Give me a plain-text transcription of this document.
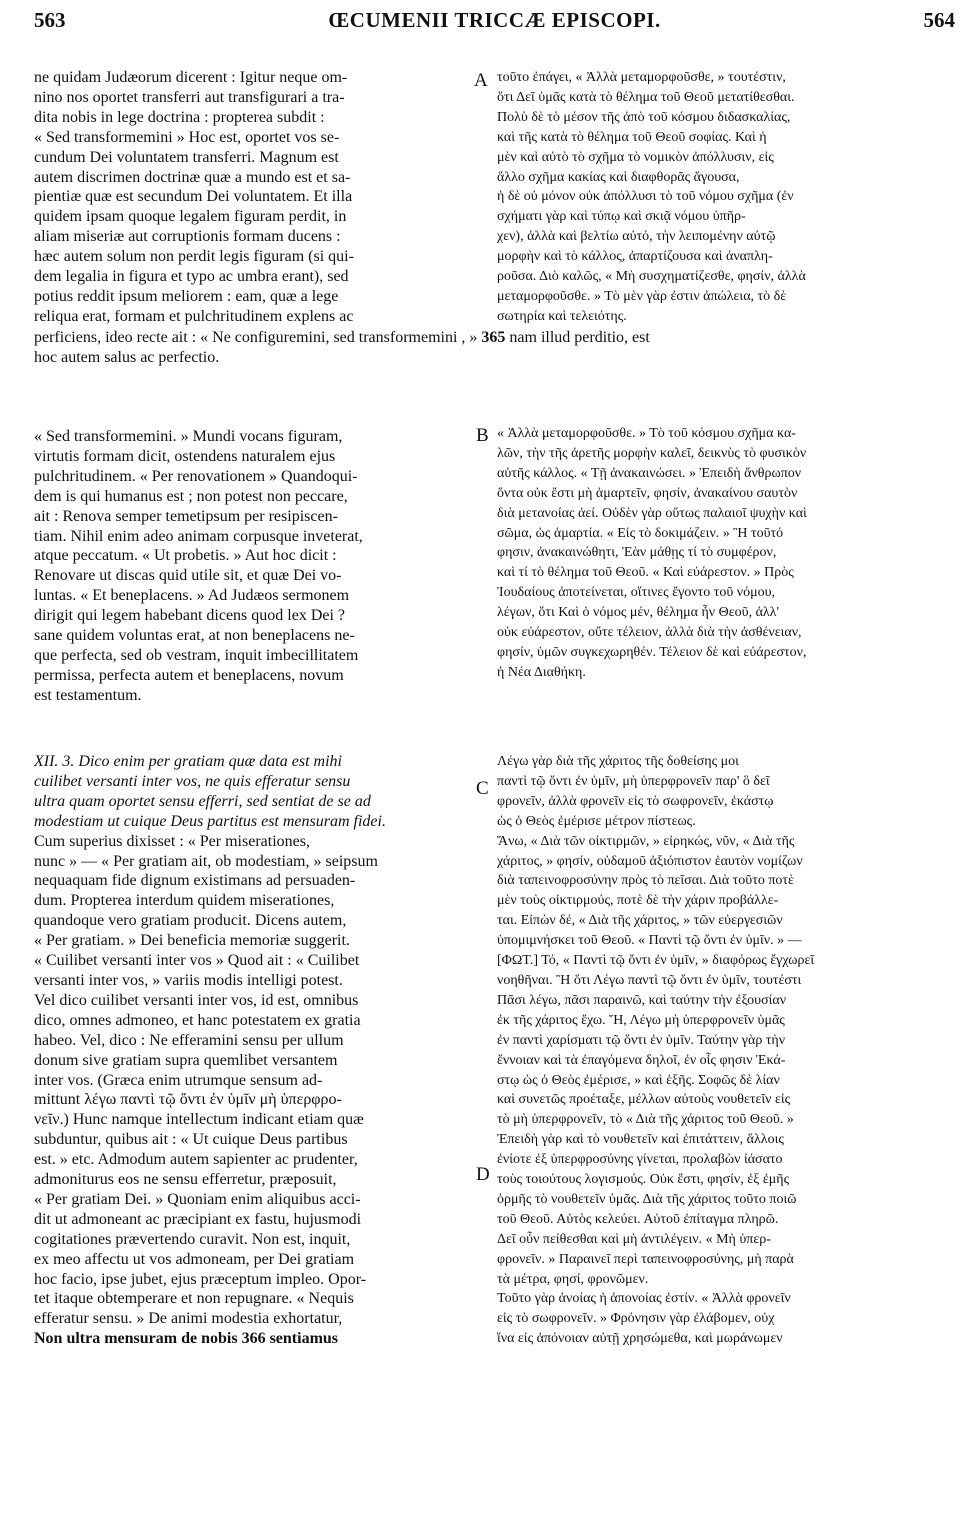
563	ŒCUMENII TRICCÆ EPISCOPI.	564
A
B
C
D
ne quidam Judæorum dicerent : Igitur neque om-
nino nos oportet transferri aut transfigurari a tra-
dita nobis in lege doctrina : propterea subdit :
« Sed transformemini » Hoc est, oportet vos se-
cundum Dei voluntatem transferri. Magnum est
autem discrimen doctrinæ quæ a mundo est et sa-
pientiæ quæ est secundum Dei voluntatem. Et illa
quidem ipsam quoque legalem figuram perdit, in
aliam miseriæ aut corruptionis formam ducens :
hæc autem solum non perdit legis figuram (si qui-
dem legalia in figura et typo ac umbra erant), sed
potius reddit ipsum meliorem : eam, quæ a lege
reliqua erat, formam et pulchritudinem explens ac
τοῦτο ἐπάγει, « Ἀλλὰ μεταμορφοῦσθε, » τουτέστιν,
ὅτι Δεῖ ὑμᾶς κατὰ τὸ θέλημα τοῦ Θεοῦ μετατίθεσθαι.
Πολὺ δὲ τὸ μέσον τῆς ἀπὸ τοῦ κόσμου διδασκαλίας,
καὶ τῆς κατὰ τὸ θέλημα τοῦ Θεοῦ σοφίας. Καὶ ἡ
μὲν καὶ αὐτὸ τὸ σχῆμα τὸ νομικὸν ἀπόλλυσιν, εἰς
ἄλλο σχῆμα κακίας καὶ διαφθορᾶς ἄγουσα,
ἡ δὲ οὐ μόνον οὐκ ἀπόλλυσι τὸ τοῦ νόμου σχῆμα (ἐν
σχήματι γὰρ καὶ τύπῳ καὶ σκιᾷ νόμου ὑπῆρ-
χεν), ἀλλὰ καὶ βελτίω αὐτό, τὴν λειπομένην αὐτῷ
μορφὴν καὶ τὸ κάλλος, ἀπαρτίζουσα καὶ ἀναπλη-
ροῦσα. Διὸ καλῶς, « Μὴ συσχηματίζεσθε, φησίν, ἀλλὰ
μεταμορφοῦσθε. » Τὸ μὲν γὰρ ἐστιν ἀπώλεια, τὸ δὲ
σωτηρία καὶ τελειότης.
perficiens, ideo recte ait : « Ne configuremini, sed transformemini , » 365 nam illud perditio, est
hoc autem salus ac perfectio.
« Sed transformemini. » Mundi vocans figuram,
virtutis formam dicit, ostendens naturalem ejus
pulchritudinem. « Per renovationem » Quandoqui-
dem is qui humanus est ; non potest non peccare,
ait : Renova semper temetipsum per resipiscen-
tiam. Nihil enim adeo animam corpusque inveterat,
atque peccatum. « Ut probetis. » Aut hoc dicit :
Renovare ut discas quid utile sit, et quæ Dei vo-
luntas. « Et beneplacens. » Ad Judæos sermonem
dirigit qui legem habebant dicens quod lex Dei ?
sane quidem voluntas erat, at non beneplacens ne-
que perfecta, sed ob vestram, inquit imbecillitatem
permissa, perfecta autem et beneplacens, novum
est testamentum.
« Ἀλλὰ μεταμορφοῦσθε. » Τὸ τοῦ κόσμου σχῆμα κα-
λῶν, τὴν τῆς ἀρετῆς μορφὴν καλεῖ, δεικνὺς τὸ φυσικὸν
αὐτῆς κάλλος. « Τῇ ἀνακαινώσει. » Ἐπειδὴ ἄνθρωπον
ὄντα οὐκ ἔστι μὴ ἁμαρτεῖν, φησίν, ἀνακαίνου σαυτὸν
διὰ μετανοίας ἀεί. Οὐδὲν γὰρ οὕτως παλαιοῖ ψυχὴν καὶ
σῶμα, ὡς ἁμαρτία. « Εἰς τὸ δοκιμάζειν. » Ἢ τοῦτό
φησιν, ἀνακαινώθητι, Ἐὰν μάθῃς τί τὸ συμφέρον,
καὶ τί τὸ θέλημα τοῦ Θεοῦ. « Καὶ εὐάρεστον. » Πρὸς
Ἰουδαίους ἀποτείνεται, οἵτινες ἔγοντο τοῦ νόμου,
λέγων, ὅτι Καὶ ὁ νόμος μέν, θέλημα ἦν Θεοῦ, ἀλλ'
οὐκ εὐάρεστον, οὔτε τέλειον, ἀλλὰ διὰ τὴν ἀσθένειαν,
φησίν, ὑμῶν συγκεχωρηθέν. Τέλειον δὲ καὶ εὐάρεστον,
ἡ Νέα Διαθήκη.
XII. 3. Dico enim per gratiam quæ data est mihi
cuilibet versanti inter vos, ne quis efferatur sensu
ultra quam oportet sensu efferri, sed sentiat de se ad
modestiam ut cuique Deus partitus est mensuram fidei.
Cum superius dixisset : « Per miserationes,
nunc » — « Per gratiam ait, ob modestiam, » seipsum
nequaquam fide dignum existimans ad persuaden-
dum. Propterea interdum quidem miserationes,
quandoque vero gratiam producit. Dicens autem,
« Per gratiam. » Dei beneficia memoriæ suggerit.
« Cuilibet versanti inter vos » Quod ait : « Cuilibet
versanti inter vos, » variis modis intelligi potest.
Vel dico cuilibet versanti inter vos, id est, omnibus
dico, omnes admoneo, et hanc potestatem ex gratia
habeo. Vel, dico : Ne efferamini sensu per ullum
donum sive gratiam supra quemlibet versantem
inter vos. (Græca enim utrumque sensum ad-
mittunt λέγω παντὶ τῷ ὄντι ἐν ὑμῖν μὴ ὑπερφρο-
νεῖν.) Hunc namque intellectum indicant etiam quæ
subduntur, quibus ait : « Ut cuique Deus partibus
est. » etc. Admodum autem sapienter ac prudenter,
admoniturus eos ne sensu efferretur, præposuit,
« Per gratiam Dei. » Quoniam enim aliquibus acci-
dit ut admoneant ac præcipiant ex fastu, hujusmodi
cogitationes prævertendo curavit. Non est, inquit,
ex meo affectu ut vos admoneam, per Dei gratiam
hoc facio, ipse jubet, ejus præceptum impleo. Opor-
tet itaque obtemperare et non repugnare. « Nequis
efferatur sensu. » De animi modestia exhortatur,
Non ultra mensuram de nobis 366 sentiamus
Λέγω γὰρ διὰ τῆς χάριτος τῆς δοθείσης μοι
παντὶ τῷ ὄντι ἐν ὑμῖν, μὴ ὑπερφρονεῖν παρ' ὃ δεῖ
φρονεῖν, ἀλλὰ φρονεῖν εἰς τὸ σωφρονεῖν, ἑκάστῳ
ὡς ὁ Θεὸς ἐμέρισε μέτρον πίστεως.
Ἄνω, « Διὰ τῶν οἰκτιρμῶν, » εἰρηκώς, νῦν, « Διὰ τῆς
χάριτος, » φησίν, οὐδαμοῦ ἀξιόπιστον ἑαυτὸν νομίζων
διὰ ταπεινοφροσύνην πρὸς τὸ πεῖσαι. Διὰ τοῦτο ποτὲ
μὲν τοὺς οἰκτιρμούς, ποτὲ δὲ τὴν χάριν προβάλλε-
ται. Εἰπὼν δέ, « Διὰ τῆς χάριτος, » τῶν εὐεργεσιῶν
ὑπομιμνήσκει τοῦ Θεοῦ. « Παντὶ τῷ ὄντι ἐν ὑμῖν. » —
[ΦΩΤ.] Τό, « Παντὶ τῷ ὄντι ἐν ὑμῖν, » διαφόρως ἔγχωρεῖ
νοηθῆναι. Ἢ ὅτι Λέγω παντὶ τῷ ὄντι ἐν ὑμῖν, τουτέστι
Πᾶσι λέγω, πᾶσι παραινῶ, καὶ ταύτην τὴν ἐξουσίαν
ἐκ τῆς χάριτος ἔχω. Ἤ, Λέγω μὴ ὑπερφρονεῖν ὑμᾶς
ἐν παντὶ χαρίσματι τῷ ὄντι ἐν ὑμῖν. Ταύτην γὰρ τὴν
ἔννοιαν καὶ τὰ ἐπαγόμενα δηλοῖ, ἐν οἷς φησιν Ἑκά-
στῳ ὡς ὁ Θεὸς ἐμέρισε, » καὶ ἑξῆς. Σοφῶς δὲ λίαν
καὶ συνετῶς προέταξε, μέλλων αὐτοὺς νουθετεῖν εἰς
τὸ μὴ ὑπερφρονεῖν, τὸ « Διὰ τῆς χάριτος τοῦ Θεοῦ. »
Ἐπειδὴ γὰρ καὶ τὸ νουθετεῖν καὶ ἐπιτάττειν, ἄλλοις
ἐνίοτε ἐξ ὑπερφροσύνης γίνεται, προλαβὼν ἰάσατο
τοὺς τοιούτους λογισμούς. Οὐκ ἔστι, φησίν, ἐξ ἐμῆς
ὁρμῆς τὸ νουθετεῖν ὑμᾶς. Διὰ τῆς χάριτος τοῦτο ποιῶ
τοῦ Θεοῦ. Αὐτὸς κελεύει. Αὐτοῦ ἐπίταγμα πληρῶ.
Δεῖ οὖν πείθεσθαι καὶ μὴ ἀντιλέγειν. « Μὴ ὑπερ-
φρονεῖν. » Παραινεῖ περὶ ταπεινοφροσύνης, μὴ παρὰ
τὰ μέτρα, φησί, φρονῶμεν.
Τοῦτο γὰρ ἀνοίας ἡ ἀπονοίας ἐστίν. « Ἀλλὰ φρονεῖν
εἰς τὸ σωφρονεῖν. » Φρόνησιν γὰρ ἐλάβομεν, οὐχ
ἵνα εἰς ἀπόνοιαν αὐτῇ χρησώμεθα, καὶ μωράνωμεν
